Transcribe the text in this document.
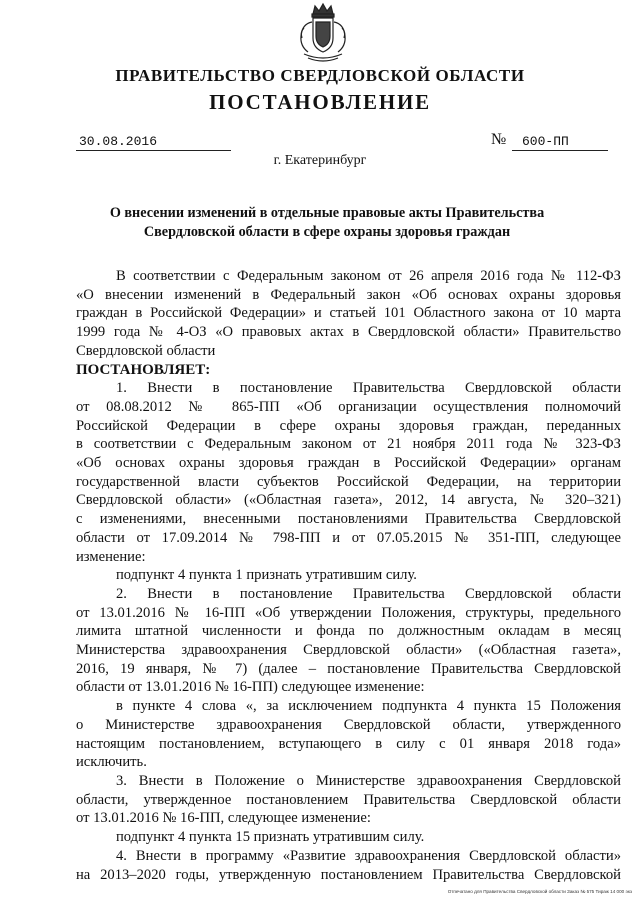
ПРАВИТЕЛЬСТВО СВЕРДЛОВСКОЙ ОБЛАСТИ
ПОСТАНОВЛЕНИЕ
30.08.2016	№	600-ПП
г. Екатеринбург
О внесении изменений в отдельные правовые акты Правительства
Свердловской области в сфере охраны здоровья граждан

В соответствии с Федеральным законом от 26 апреля 2016 года № 112-ФЗ

«О внесении изменений в Федеральный закон «Об основах охраны здоровья

граждан в Российской Федерации» и статьей 101 Областного закона от 10 марта

1999 года № 4-ОЗ «О правовых актах в Свердловской области» Правительство

Свердловской области

ПОСТАНОВЛЯЕТ:

1. Внести в постановление Правительства Свердловской области

от 08.08.2012 № 865-ПП «Об организации осуществления полномочий

Российской Федерации в сфере охраны здоровья граждан, переданных

в соответствии с Федеральным законом от 21 ноября 2011 года № 323-ФЗ

«Об основах охраны здоровья граждан в Российской Федерации» органам

государственной власти субъектов Российской Федерации, на территории

Свердловской области» («Областная газета», 2012, 14 августа, № 320–321)

с изменениями, внесенными постановлениями Правительства Свердловской

области от 17.09.2014 № 798-ПП и от 07.05.2015 № 351-ПП, следующее

изменение:

подпункт 4 пункта 1 признать утратившим силу.

2. Внести в постановление Правительства Свердловской области

от 13.01.2016 № 16-ПП «Об утверждении Положения, структуры, предельного

лимита штатной численности и фонда по должностным окладам в месяц

Министерства здравоохранения Свердловской области» («Областная газета»,

2016, 19 января, № 7) (далее – постановление Правительства Свердловской

области от 13.01.2016 № 16-ПП) следующее изменение:

в пункте 4 слова «, за исключением подпункта 4 пункта 15 Положения

о Министерстве здравоохранения Свердловской области, утвержденного

настоящим постановлением, вступающего в силу с 01 января 2018 года»

исключить.

3. Внести в Положение о Министерстве здравоохранения Свердловской

области, утвержденное постановлением Правительства Свердловской области

от 13.01.2016 № 16-ПП, следующее изменение:

подпункт 4 пункта 15 признать утратившим силу.

4. Внести в программу «Развитие здравоохранения Свердловской области»

на 2013–2020 годы, утвержденную постановлением Правительства Свердловской

Отпечатано для Правительства Свердловской области Заказ № 575 Тираж 14 000 экз
